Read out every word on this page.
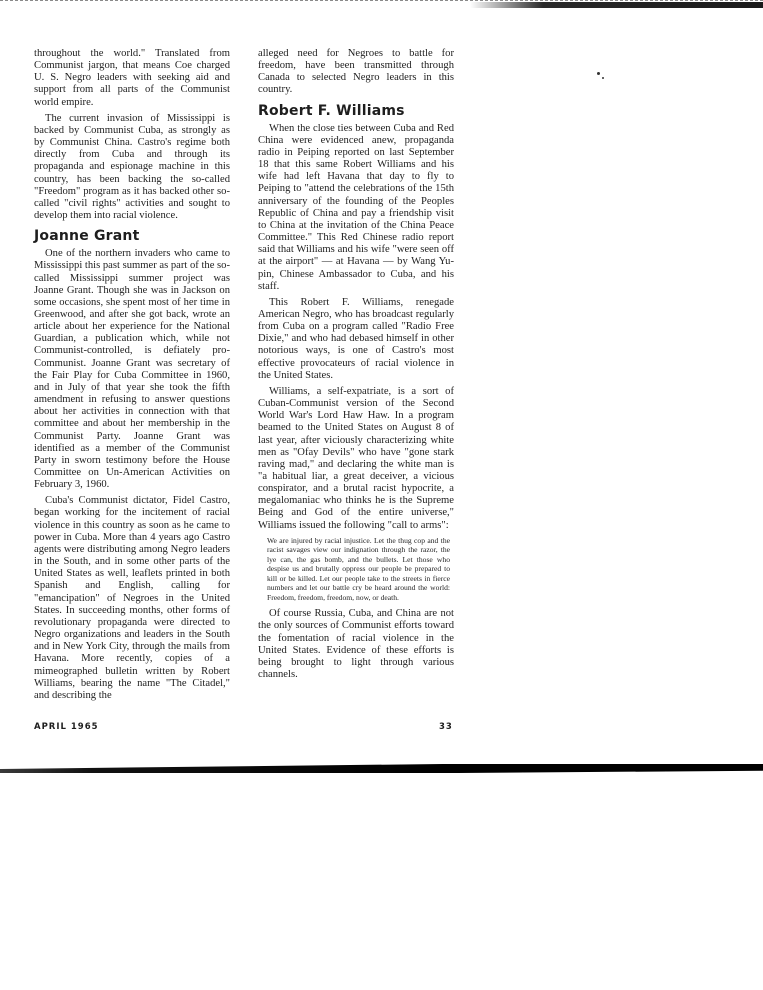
throughout the world." Translated from Communist jargon, that means Coe charged U. S. Negro leaders with seeking aid and support from all parts of the Communist world empire.

The current invasion of Mississippi is backed by Communist Cuba, as strongly as by Communist China. Castro's regime both directly from Cuba and through its propaganda and espionage machine in this country, has been backing the so-called "Freedom" program as it has backed other so-called "civil rights" activities and sought to develop them into racial violence.

Joanne Grant

One of the northern invaders who came to Mississippi this past summer as part of the so-called Mississippi summer project was Joanne Grant. Though she was in Jackson on some occasions, she spent most of her time in Greenwood, and after she got back, wrote an article about her experience for the National Guardian, a publication which, while not Communist-controlled, is defiately pro-Communist. Joanne Grant was secretary of the Fair Play for Cuba Committee in 1960, and in July of that year she took the fifth amendment in refusing to answer questions about her activities in connection with that committee and about her membership in the Communist Party. Joanne Grant was identified as a member of the Communist Party in sworn testimony before the House Committee on Un-American Activities on February 3, 1960.

Cuba's Communist dictator, Fidel Castro, began working for the incitement of racial violence in this country as soon as he came to power in Cuba. More than 4 years ago Castro agents were distributing among Negro leaders in the South, and in some other parts of the United States as well, leaflets printed in both Spanish and English, calling for "emancipation" of Negroes in the United States. In succeeding months, other forms of revolutionary propaganda were directed to Negro organizations and leaders in the South and in New York City, through the mails from Havana. More recently, copies of a mimeographed bulletin written by Robert Williams, bearing the name "The Citadel," and describing the

alleged need for Negroes to battle for freedom, have been transmitted through Canada to selected Negro leaders in this country.

Robert F. Williams

When the close ties between Cuba and Red China were evidenced anew, propaganda radio in Peiping reported on last September 18 that this same Robert Williams and his wife had left Havana that day to fly to Peiping to "attend the celebrations of the 15th anniversary of the founding of the Peoples Republic of China and pay a friendship visit to China at the invitation of the China Peace Committee." This Red Chinese radio report said that Williams and his wife "were seen off at the airport" — at Havana — by Wang Yu-pin, Chinese Ambassador to Cuba, and his staff.

This Robert F. Williams, renegade American Negro, who has broadcast regularly from Cuba on a program called "Radio Free Dixie," and who had debased himself in other notorious ways, is one of Castro's most effective provocateurs of racial violence in the United States.

Williams, a self-expatriate, is a sort of Cuban-Communist version of the Second World War's Lord Haw Haw. In a program beamed to the United States on August 8 of last year, after viciously characterizing white men as "Ofay Devils" who have "gone stark raving mad," and declaring the white man is "a habitual liar, a great deceiver, a vicious conspirator, and a brutal racist hypocrite, a megalomaniac who thinks he is the Supreme Being and God of the entire universe," Williams issued the following "call to arms":

We are injured by racial injustice. Let the thug cop and the racist savages view our indignation through the razor, the lye can, the gas bomb, and the bullets. Let those who despise us and brutally oppress our people be prepared to kill or be killed. Let our people take to the streets in fierce numbers and let our battle cry be heard around the world: Freedom, freedom, freedom, now, or death.

Of course Russia, Cuba, and China are not the only sources of Communist efforts toward the fomentation of racial violence in the United States. Evidence of these efforts is being brought to light through various channels.

APRIL 1965	33
